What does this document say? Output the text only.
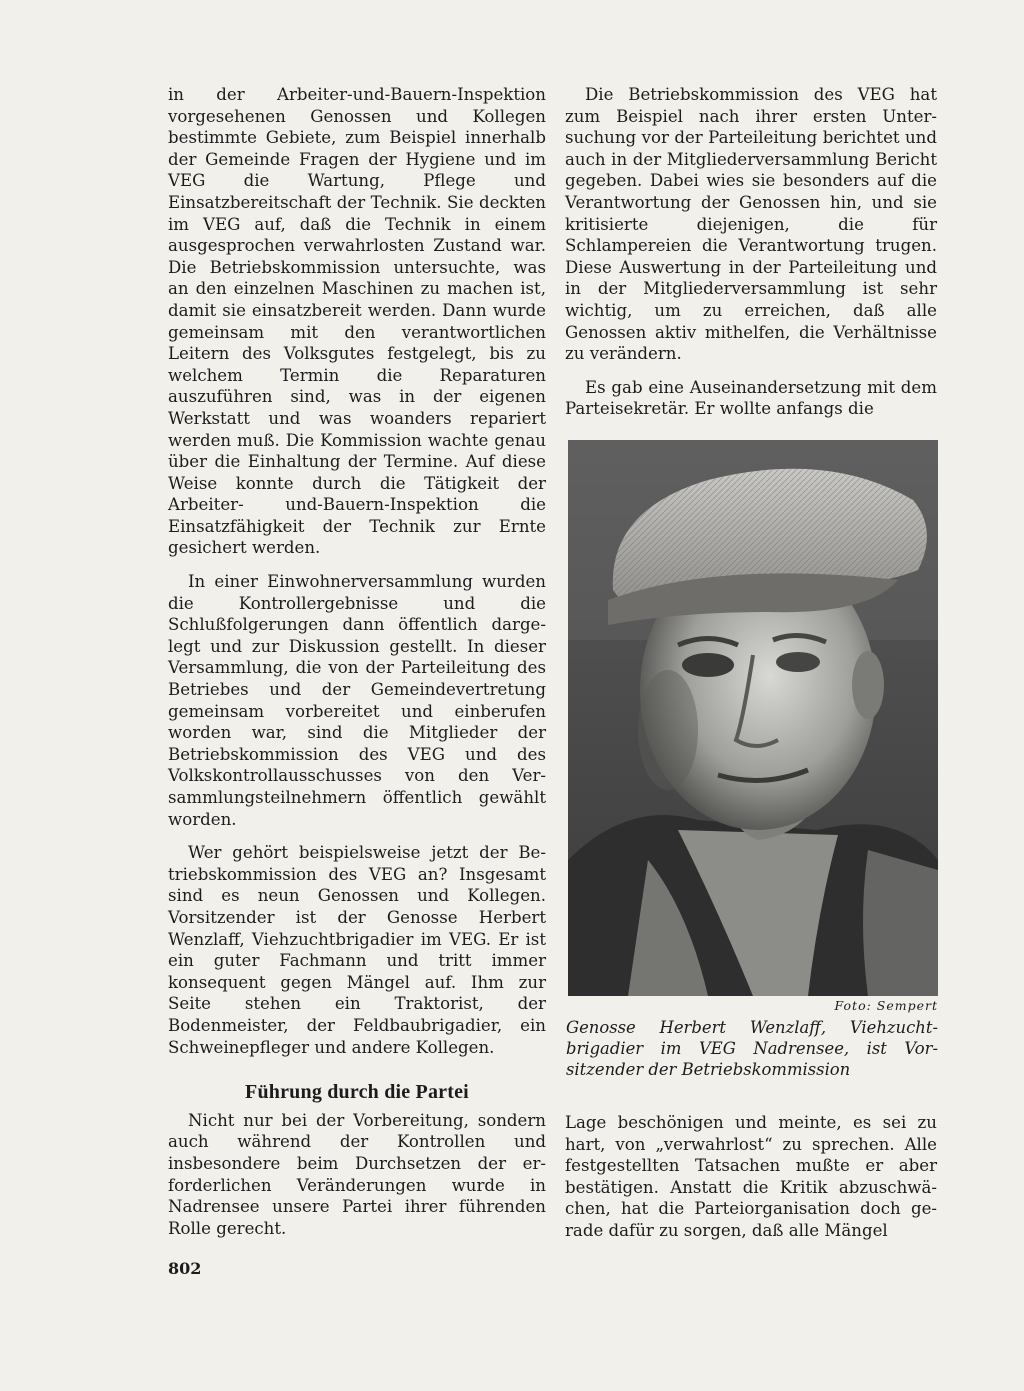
in der Arbeiter-und-Bauern-Inspektion vorgesehenen Genossen und Kollegen bestimmte Gebiete, zum Beispiel innerhalb der Gemeinde Fragen der Hygiene und im VEG die Wartung, Pflege und Einsatzbereitschaft der Technik. Sie deckten im VEG auf, daß die Technik in einem ausgesprochen verwahrlosten Zustand war. Die Betriebskommission untersuchte, was an den einzelnen Maschinen zu machen ist, damit sie einsatzbereit werden. Dann wurde gemeinsam mit den verantwortlichen Leitern des Volksgutes festgelegt, bis zu welchem Termin die Reparaturen auszuführen sind, was in der eigenen Werkstatt und was woanders repariert werden muß. Die Kommission wachte genau über die Einhaltung der Termine. Auf diese Weise konnte durch die Tätigkeit der Arbeiter- und-Bauern-Inspektion die Einsatzfähigkeit der Technik zur Ernte gesichert werden.

In einer Einwohnerversammlung wurden die Kontrollergebnisse und die Schlußfolgerungen dann öffentlich dargelegt und zur Diskussion gestellt. In dieser Versammlung, die von der Parteileitung des Betriebes und der Gemeindevertretung gemeinsam vorbereitet und einberufen worden war, sind die Mitglieder der Betriebskommission des VEG und des Volkskontrollausschusses von den Versammlungsteilnehmern öffentlich gewählt worden.

Wer gehört beispielsweise jetzt der Betriebskommission des VEG an? Insgesamt sind es neun Genossen und Kollegen. Vorsitzender ist der Genosse Herbert Wenzlaff, Viehzuchtbrigadier im VEG. Er ist ein guter Fachmann und tritt immer konsequent gegen Mängel auf. Ihm zur Seite stehen ein Traktorist, der Bodenmeister, der Feldbaubrigadier, ein Schweinepfleger und andere Kollegen.

Führung durch die Partei

Nicht nur bei der Vorbereitung, sondern auch während der Kontrollen und insbesondere beim Durchsetzen der erforderlichen Veränderungen wurde in Nadrensee unsere Partei ihrer führenden Rolle gerecht.

Die Betriebskommission des VEG hat zum Beispiel nach ihrer ersten Untersuchung vor der Parteileitung berichtet und auch in der Mitgliederversammlung Bericht gegeben. Dabei wies sie besonders auf die Verantwortung der Genossen hin, und sie kritisierte diejenigen, die für Schlampereien die Verantwortung trugen. Diese Auswertung in der Parteileitung und in der Mitgliederversammlung ist sehr wichtig, um zu erreichen, daß alle Genossen aktiv mithelfen, die Verhältnisse zu verändern.

Es gab eine Auseinandersetzung mit dem Parteisekretär. Er wollte anfangs die

Foto: Sempert
Genosse Herbert Wenzlaff, Viehzuchtbrigadier im VEG Nadrensee, ist Vorsitzender der Betriebskommission

Lage beschönigen und meinte, es sei zu hart, von „verwahrlost“ zu sprechen. Alle festgestellten Tatsachen mußte er aber bestätigen. Anstatt die Kritik abzuschwächen, hat die Parteiorganisation doch gerade dafür zu sorgen, daß alle Mängel

802
